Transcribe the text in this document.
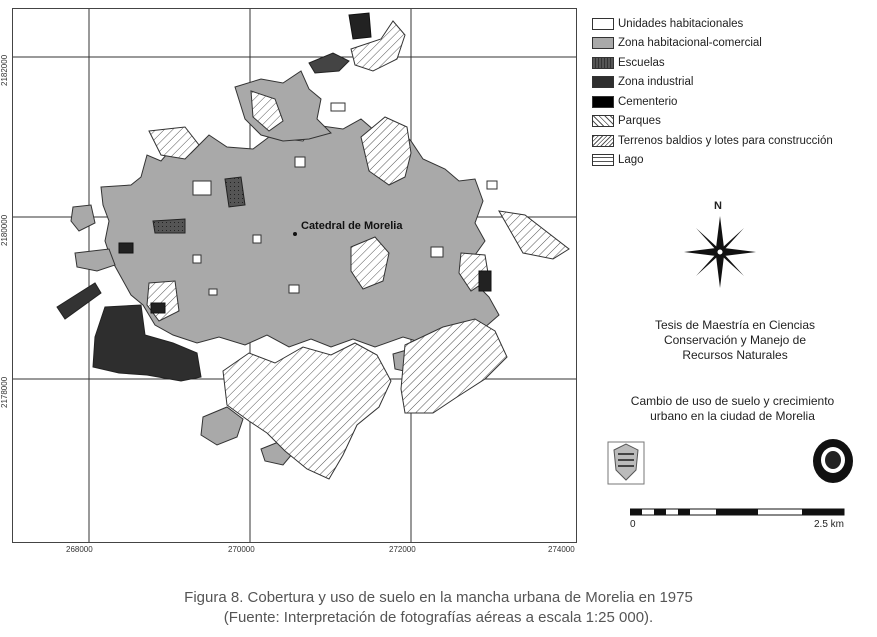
Catedral de Morelia
268000	270000	272000	274000
2182000
2180000
2178000
Unidades habitacionales
Zona habitacional-comercial
Escuelas
Zona industrial
Cementerio
Parques
Terrenos baldios y lotes para construcción
Lago
N
Tesis de Maestría en Ciencias
Conservación y Manejo de
Recursos Naturales
Cambio de uso de suelo y crecimiento
urbano en la ciudad de Morelia
0	2.5 km
Figura 8. Cobertura y uso de suelo en la mancha urbana de Morelia en 1975
(Fuente: Interpretación de fotografías aéreas a escala 1:25 000).
